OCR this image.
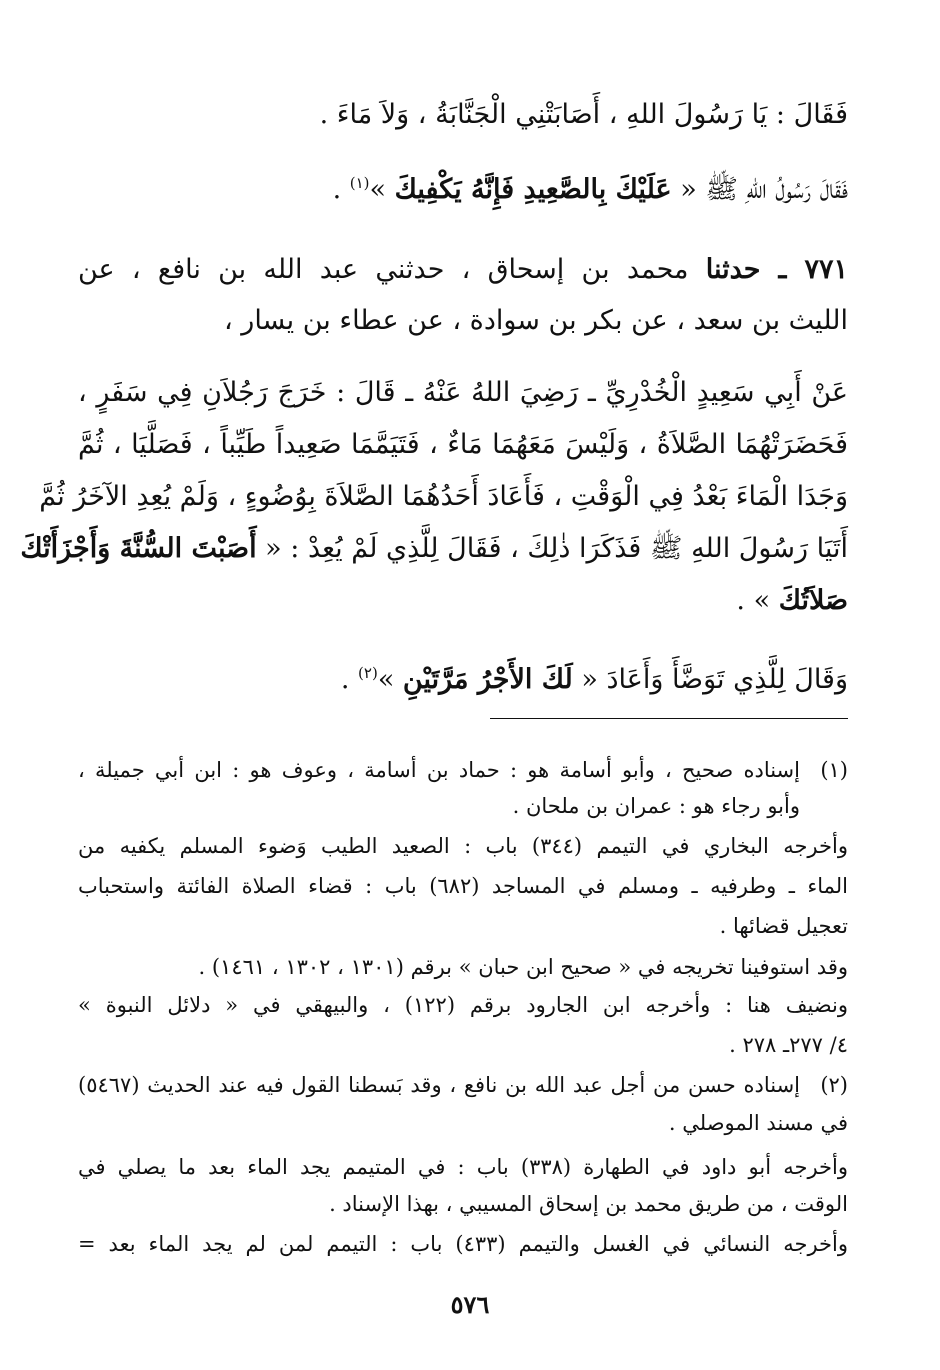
فَقَالَ : يَا رَسُولَ اللهِ ، أَصَابَتْنِي الْجَنَّابَةُ ، وَلاَ مَاءَ .
فَقَالَ رَسُولُ اللهِ ﷺ « عَلَيْكَ بِالصَّعِيدِ فَإِنَّهُ يَكْفِيكَ »$^{(١)}$ .
٧٧١ ـ حدثنا محمد بن إسحاق ، حدثني عبد الله بن نافع ، عن
الليث بن سعد ، عن بكر بن سوادة ، عن عطاء بن يسار ،
عَنْ أَبِي سَعِيدٍ الْخُدْرِيِّ ـ رَضِيَ اللهُ عَنْهُ ـ قَالَ : خَرَجَ رَجُلاَنِ فِي سَفَرٍ ،
فَحَضَرَتْهُمَا الصَّلاَةُ ، وَلَيْسَ مَعَهُمَا مَاءٌ ، فَتَيَمَّمَا صَعِيداً طَيِّباً ، فَصَلَّيَا ، ثُمَّ
وَجَدَا الْمَاءَ بَعْدُ فِي الْوَقْتِ ، فَأَعَادَ أَحَدُهُمَا الصَّلاَةَ بِوُضُوءٍ ، وَلَمْ يُعِدِ الآخَرُ ثُمَّ
أَتَيَا رَسُولَ اللهِ ﷺ فَذَكَرَا ذٰلِكَ ، فَقَالَ لِلَّذِي لَمْ يُعِدْ : « أَصَبْتَ السُّنَّةَ وَأَجْزَأَتْكَ
صَلاَتُكَ » .
وَقَالَ لِلَّذِي تَوَضَّأَ وَأَعَادَ « لَكَ الأَجْرُ مَرَّتَيْنِ »$^{(٢)}$ .
(١)
إسناده صحيح ، وأبو أسامة هو : حماد بن أسامة ، وعوف هو : ابن أبي جميلة ،
وأبو رجاء هو : عمران بن ملحان .
وأخرجه البخاري في التيمم (٣٤٤) باب : الصعيد الطيب وَضوء المسلم يكفيه من
الماء ـ وطرفيه ـ ومسلم في المساجد (٦٨٢) باب : قضاء الصلاة الفائتة واستحباب
تعجيل قضائها .
وقد استوفينا تخريجه في « صحيح ابن حبان » برقم (١٣٠١ ، ١٣٠٢ ، ١٤٦١) .
ونضيف هنا : وأخرجه ابن الجارود برقم (١٢٢) ، والبيهقي في « دلائل النبوة »
٤/ ٢٧٧ـ ٢٧٨ .
(٢)
إسناده حسن من أجل عبد الله بن نافع ، وقد بَسطنا القول فيه عند الحديث (٥٤٦٧)
في مسند الموصلي .
وأخرجه أبو داود في الطهارة (٣٣٨) باب : في المتيمم يجد الماء بعد ما يصلي في
الوقت ، من طريق محمد بن إسحاق المسيبي ، بهذا الإسناد .
وأخرجه النسائي في الغسل والتيمم (٤٣٣) باب : التيمم لمن لم يجد الماء بعد =
٥٧٦
